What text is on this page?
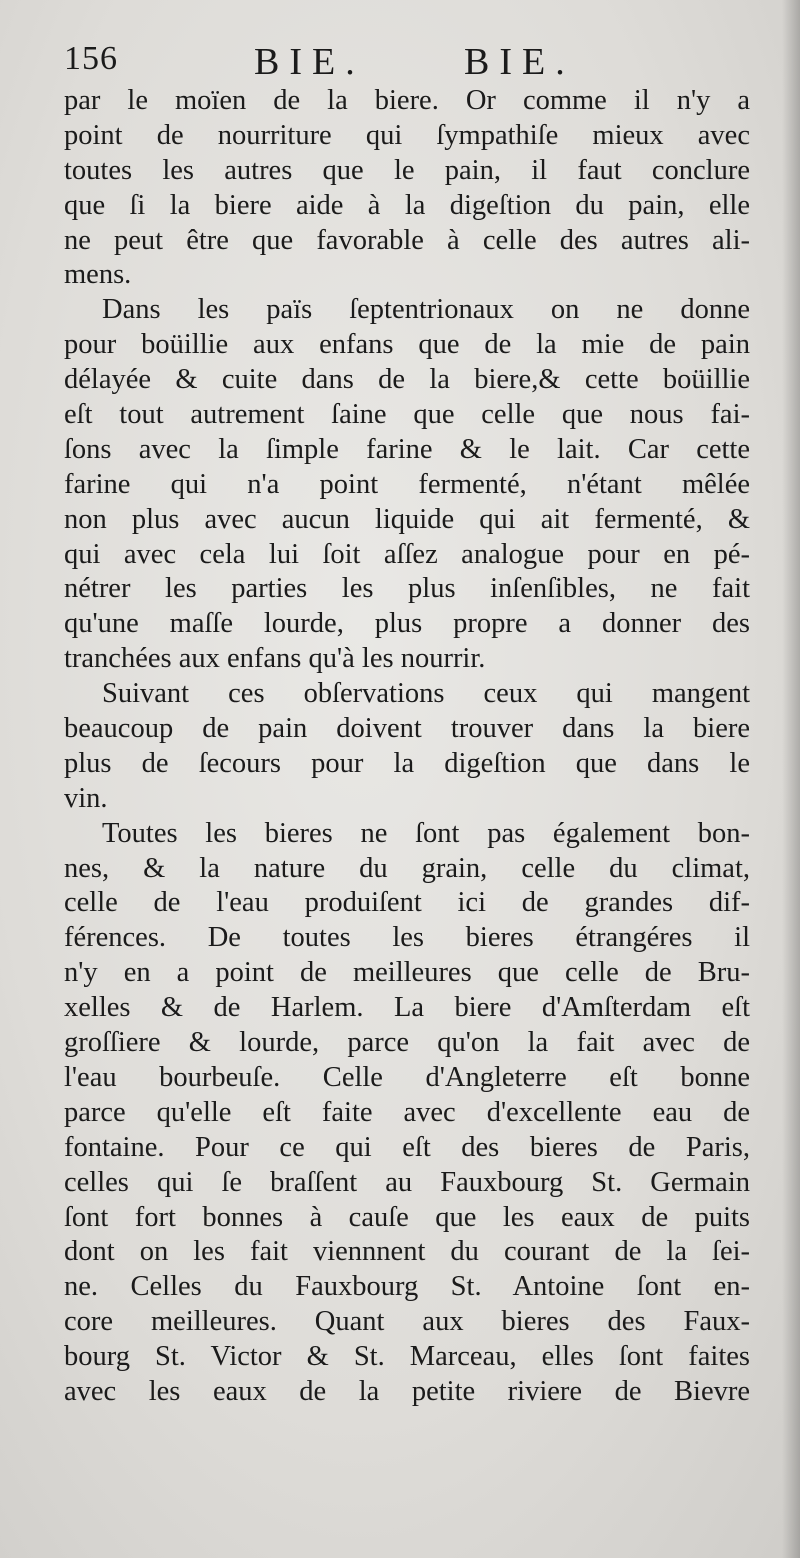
156	BIE.	BIE.
par le moïen de la biere. Or comme il n'y a
point de nourriture qui ſympathiſe mieux avec
toutes les autres que le pain, il faut conclure
que ſi la biere aide à la digeſtion du pain, elle
ne peut être que favorable à celle des autres ali-
mens.
Dans les païs ſeptentrionaux on ne donne
pour boüillie aux enfans que de la mie de pain
délayée & cuite dans de la biere,& cette boüillie
eſt tout autrement ſaine que celle que nous fai-
ſons avec la ſimple farine & le lait. Car cette
farine qui n'a point fermenté, n'étant mêlée
non plus avec aucun liquide qui ait fermenté, &
qui avec cela lui ſoit aſſez analogue pour en pé-
nétrer les parties les plus inſenſibles, ne fait
qu'une maſſe lourde, plus propre a donner des
tranchées aux enfans qu'à les nourrir.
Suivant ces obſervations ceux qui mangent
beaucoup de pain doivent trouver dans la biere
plus de ſecours pour la digeſtion que dans le
vin.
Toutes les bieres ne ſont pas également bon-
nes, & la nature du grain, celle du climat,
celle de l'eau produiſent ici de grandes dif-
férences. De toutes les bieres étrangéres il
n'y en a point de meilleures que celle de Bru-
xelles & de Harlem. La biere d'Amſterdam eſt
groſſiere & lourde, parce qu'on la fait avec de
l'eau bourbeuſe. Celle d'Angleterre eſt bonne
parce qu'elle eſt faite avec d'excellente eau de
fontaine. Pour ce qui eſt des bieres de Paris,
celles qui ſe braſſent au Fauxbourg St. Germain
ſont fort bonnes à cauſe que les eaux de puits
dont on les fait viennnent du courant de la ſei-
ne. Celles du Fauxbourg St. Antoine ſont en-
core meilleures. Quant aux bieres des Faux-
bourg St. Victor & St. Marceau, elles ſont faites
avec les eaux de la petite riviere de Bievre
